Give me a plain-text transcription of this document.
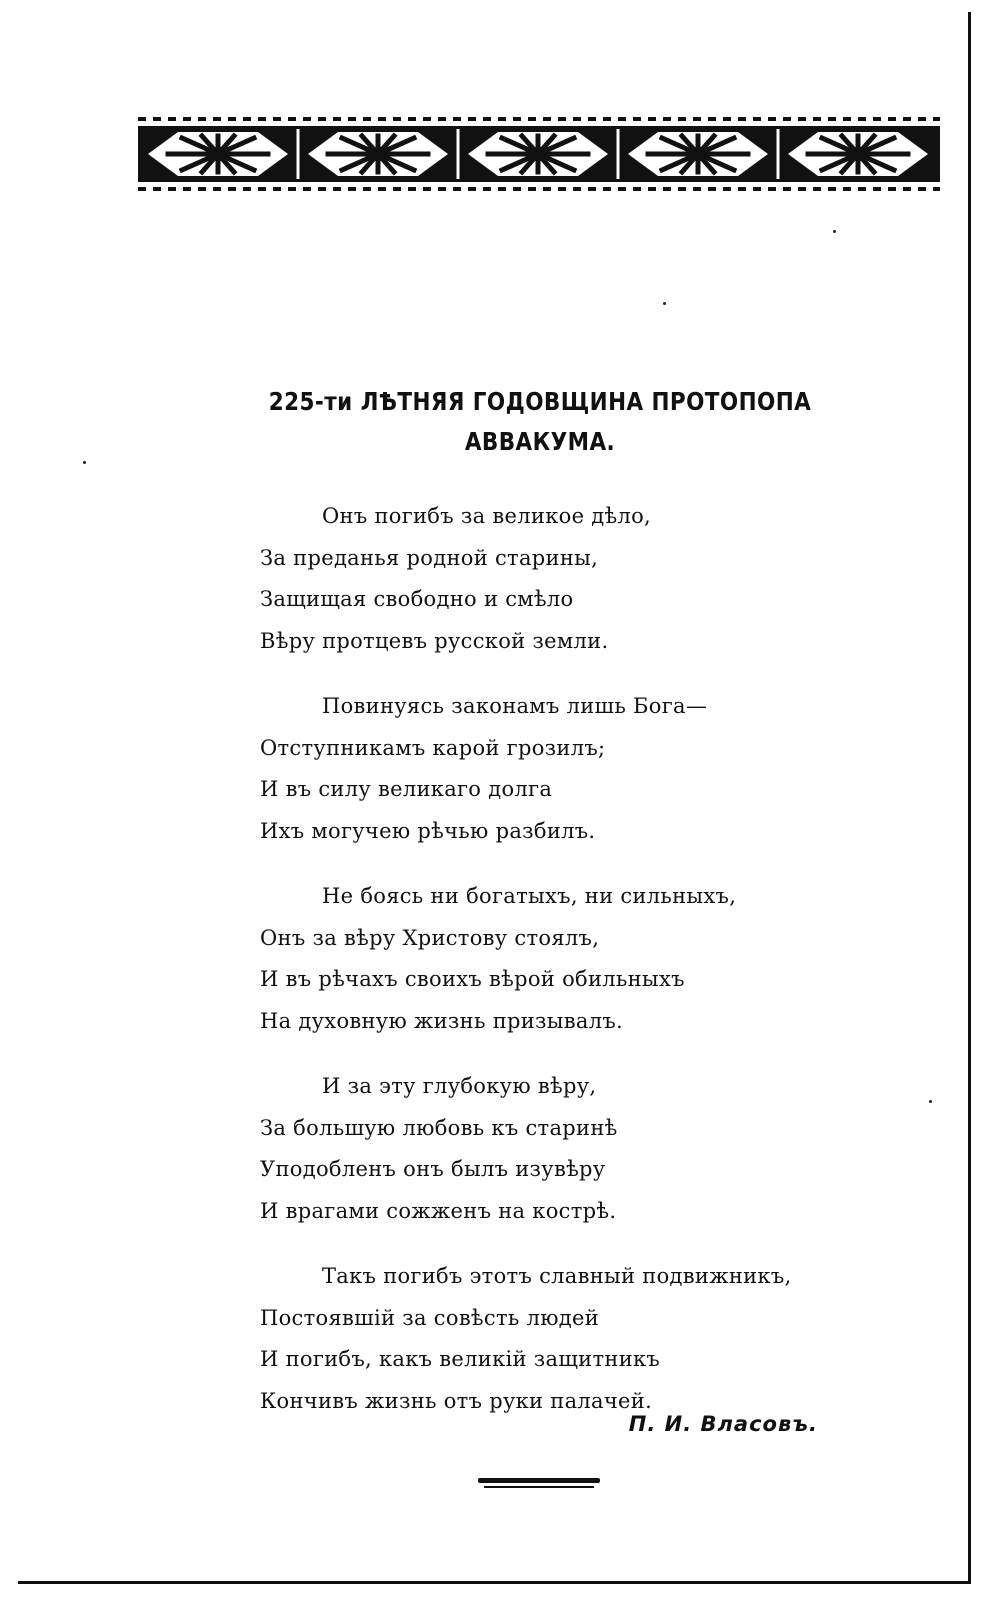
225-ти ЛѢТНЯЯ ГОДОВЩИНА ПРОТОПОПА
АВВАКУМА.
Онъ погибъ за великое дѣло,
За преданья родной старины,
Защищая свободно и смѣло
Вѣру протцевъ русской земли.
Повинуясь законамъ лишь Бога—
Отступникамъ карой грозилъ;
И въ силу великаго долга
Ихъ могучею рѣчью разбилъ.
Не боясь ни богатыхъ, ни сильныхъ,
Онъ за вѣру Христову стоялъ,
И въ рѣчахъ своихъ вѣрой обильныхъ
На духовную жизнь призывалъ.
И за эту глубокую вѣру,
За большую любовь къ старинѣ
Уподобленъ онъ былъ изувѣру
И врагами сожженъ на кострѣ.
Такъ погибъ этотъ славный подвижникъ,
Постоявшій за совѣсть людей
И погибъ, какъ великій защитникъ
Кончивъ жизнь отъ руки палачей.
П. И. Власовъ.
